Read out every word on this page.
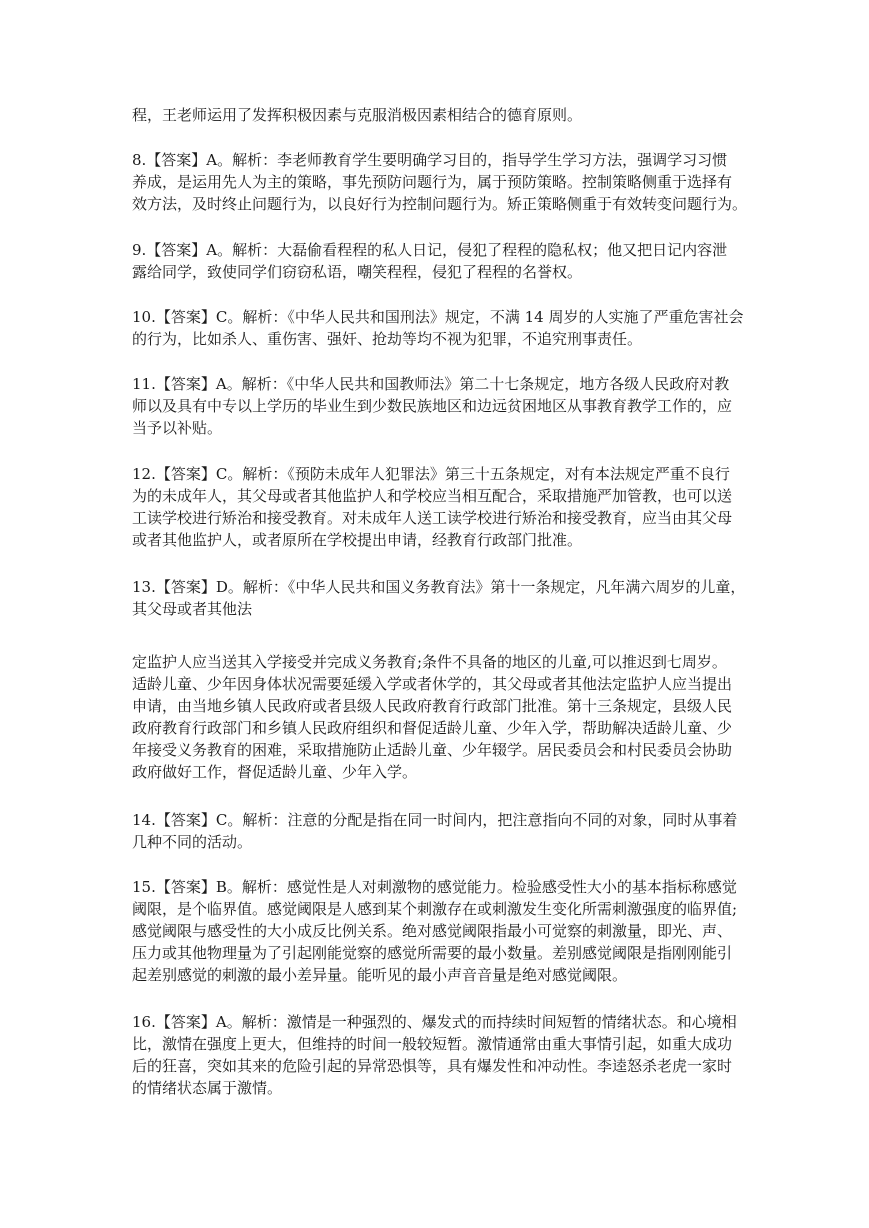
程，王老师运用了发挥积极因素与克服消极因素相结合的德育原则。

8.【答案】A。解析：李老师教育学生要明确学习目的，指导学生学习方法，强调学习习惯
养成，是运用先人为主的策略，事先预防问题行为，属于预防策略。控制策略侧重于选择有
效方法，及时终止问题行为，以良好行为控制问题行为。矫正策略侧重于有效转变问题行为。

9.【答案】A。解析：大磊偷看程程的私人日记，侵犯了程程的隐私权；他又把日记内容泄
露给同学，致使同学们窃窃私语，嘲笑程程，侵犯了程程的名誉权。

10.【答案】C。解析：《中华人民共和国刑法》规定，不满 14 周岁的人实施了严重危害社会
的行为，比如杀人、重伤害、强奸、抢劫等均不视为犯罪，不追究刑事责任。

11.【答案】A。解析：《中华人民共和国教师法》第二十七条规定，地方各级人民政府对教
师以及具有中专以上学历的毕业生到少数民族地区和边远贫困地区从事教育教学工作的，应
当予以补贴。

12.【答案】C。解析：《预防未成年人犯罪法》第三十五条规定，对有本法规定严重不良行
为的未成年人，其父母或者其他监护人和学校应当相互配合，采取措施严加管教，也可以送
工读学校进行矫治和接受教育。对未成年人送工读学校进行矫治和接受教育，应当由其父母
或者其他监护人，或者原所在学校提出申请，经教育行政部门批准。

13.【答案】D。解析：《中华人民共和国义务教育法》第十一条规定，凡年满六周岁的儿童，
其父母或者其他法

定监护人应当送其入学接受并完成义务教育;条件不具备的地区的儿童,可以推迟到七周岁。
适龄儿童、少年因身体状况需要延缓入学或者休学的，其父母或者其他法定监护人应当提出
申请，由当地乡镇人民政府或者县级人民政府教育行政部门批准。第十三条规定，县级人民
政府教育行政部门和乡镇人民政府组织和督促适龄儿童、少年入学，帮助解决适龄儿童、少
年接受义务教育的困难，采取措施防止适龄儿童、少年辍学。居民委员会和村民委员会协助
政府做好工作，督促适龄儿童、少年入学。

14.【答案】C。解析：注意的分配是指在同一时间内，把注意指向不同的对象，同时从事着
几种不同的活动。

15.【答案】B。解析：感觉性是人对刺激物的感觉能力。检验感受性大小的基本指标称感觉
阈限，是个临界值。感觉阈限是人感到某个刺激存在或刺激发生变化所需刺激强度的临界值;
感觉阈限与感受性的大小成反比例关系。绝对感觉阈限指最小可觉察的刺激量，即光、声、
压力或其他物理量为了引起刚能觉察的感觉所需要的最小数量。差别感觉阈限是指刚刚能引
起差别感觉的刺激的最小差异量。能听见的最小声音音量是绝对感觉阈限。

16.【答案】A。解析：激情是一种强烈的、爆发式的而持续时间短暂的情绪状态。和心境相
比，激情在强度上更大，但维持的时间一般较短暂。激情通常由重大事情引起，如重大成功
后的狂喜，突如其来的危险引起的异常恐惧等，具有爆发性和冲动性。李逵怒杀老虎一家时
的情绪状态属于激情。
